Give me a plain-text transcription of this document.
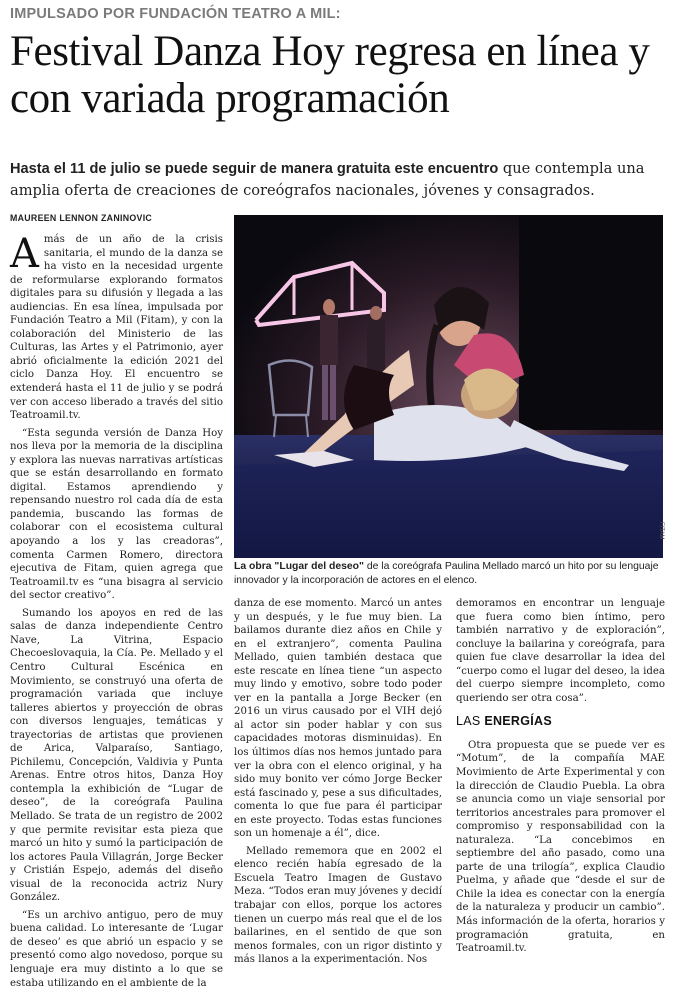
IMPULSADO POR FUNDACIÓN TEATRO A MIL:
Festival Danza Hoy regresa en línea y con variada programación
Hasta el 11 de julio se puede seguir de manera gratuita este encuentro que contempla una amplia oferta de creaciones de coreógrafos nacionales, jóvenes y consagrados.
MAUREEN LENNON ZANINOVIC

A más de un año de la crisis sanitaria, el mundo de la danza se ha visto en la necesidad urgente de reformularse explorando formatos digitales para su difusión y llegada a las audiencias. En esa línea, impulsada por Fundación Teatro a Mil (Fitam), y con la colaboración del Ministerio de las Culturas, las Artes y el Patrimonio, ayer abrió oficialmente la edición 2021 del ciclo Danza Hoy. El encuentro se extenderá hasta el 11 de julio y se podrá ver con acceso liberado a través del sitio Teatroamil.tv.

“Esta segunda versión de Danza Hoy nos lleva por la memoria de la disciplina y explora las nuevas narrativas artísticas que se están desarrollando en formato digital. Estamos aprendiendo y repensando nuestro rol cada día de esta pandemia, buscando las formas de colaborar con el ecosistema cultural apoyando a los y las creadoras”, comenta Carmen Romero, directora ejecutiva de Fitam, quien agrega que Teatroamil.tv es “una bisagra al servicio del sector creativo”.

Sumando los apoyos en red de las salas de danza independiente Centro Nave, La Vitrina, Espacio Checoeslovaquia, la Cía. Pe. Mellado y el Centro Cultural Escénica en Movimiento, se construyó una oferta de programación variada que incluye talleres abiertos y proyección de obras con diversos lenguajes, temáticas y trayectorias de artistas que provienen de Arica, Valparaíso, Santiago, Pichilemu, Concepción, Valdivia y Punta Arenas. Entre otros hitos, Danza Hoy contempla la exhibición de “Lugar de deseo”, de la coreógrafa Paulina Mellado. Se trata de un registro de 2002 y que permite revisitar esta pieza que marcó un hito y sumó la participación de los actores Paula Villagrán, Jorge Becker y Cristián Espejo, además del diseño visual de la reconocida actriz Nury González.

“Es un archivo antiguo, pero de muy buena calidad. Lo interesante de ‘Lugar de deseo’ es que abrió un espacio y se presentó como algo novedoso, porque su lenguaje era muy distinto a lo que se estaba utilizando en el ambiente de la

FITAM
La obra "Lugar del deseo" de la coreógrafa Paulina Mellado marcó un hito por su lenguaje innovador y la incorporación de actores en el elenco.

danza de ese momento. Marcó un antes y un después, y le fue muy bien. La bailamos durante diez años en Chile y en el extranjero”, comenta Paulina Mellado, quien también destaca que este rescate en línea tiene “un aspecto muy lindo y emotivo, sobre todo poder ver en la pantalla a Jorge Becker (en 2016 un virus causado por el VIH dejó al actor sin poder hablar y con sus capacidades motoras disminuidas). En los últimos días nos hemos juntado para ver la obra con el elenco original, y ha sido muy bonito ver cómo Jorge Becker está fascinado y, pese a sus dificultades, comenta lo que fue para él participar en este proyecto. Todas estas funciones son un homenaje a él”, dice.

Mellado rememora que en 2002 el elenco recién había egresado de la Escuela Teatro Imagen de Gustavo Meza. “Todos eran muy jóvenes y decidí trabajar con ellos, porque los actores tienen un cuerpo más real que el de los bailarines, en el sentido de que son menos formales, con un rigor distinto y más llanos a la experimentación. Nos

demoramos en encontrar un lenguaje que fuera como bien íntimo, pero también narrativo y de exploración”, concluye la bailarina y coreógrafa, para quien fue clave desarrollar la idea del “cuerpo como el lugar del deseo, la idea del cuerpo siempre incompleto, como queriendo ser otra cosa”.

LAS ENERGÍAS

Otra propuesta que se puede ver es “Motum”, de la compañía MAE Movimiento de Arte Experimental y con la dirección de Claudio Puebla. La obra se anuncia como un viaje sensorial por territorios ancestrales para promover el compromiso y responsabilidad con la naturaleza. “La concebimos en septiembre del año pasado, como una parte de una trilogía”, explica Claudio Puelma, y añade que “desde el sur de Chile la idea es conectar con la energía de la naturaleza y producir un cambio”. Más información de la oferta, horarios y programación gratuita, en Teatroamil.tv.
